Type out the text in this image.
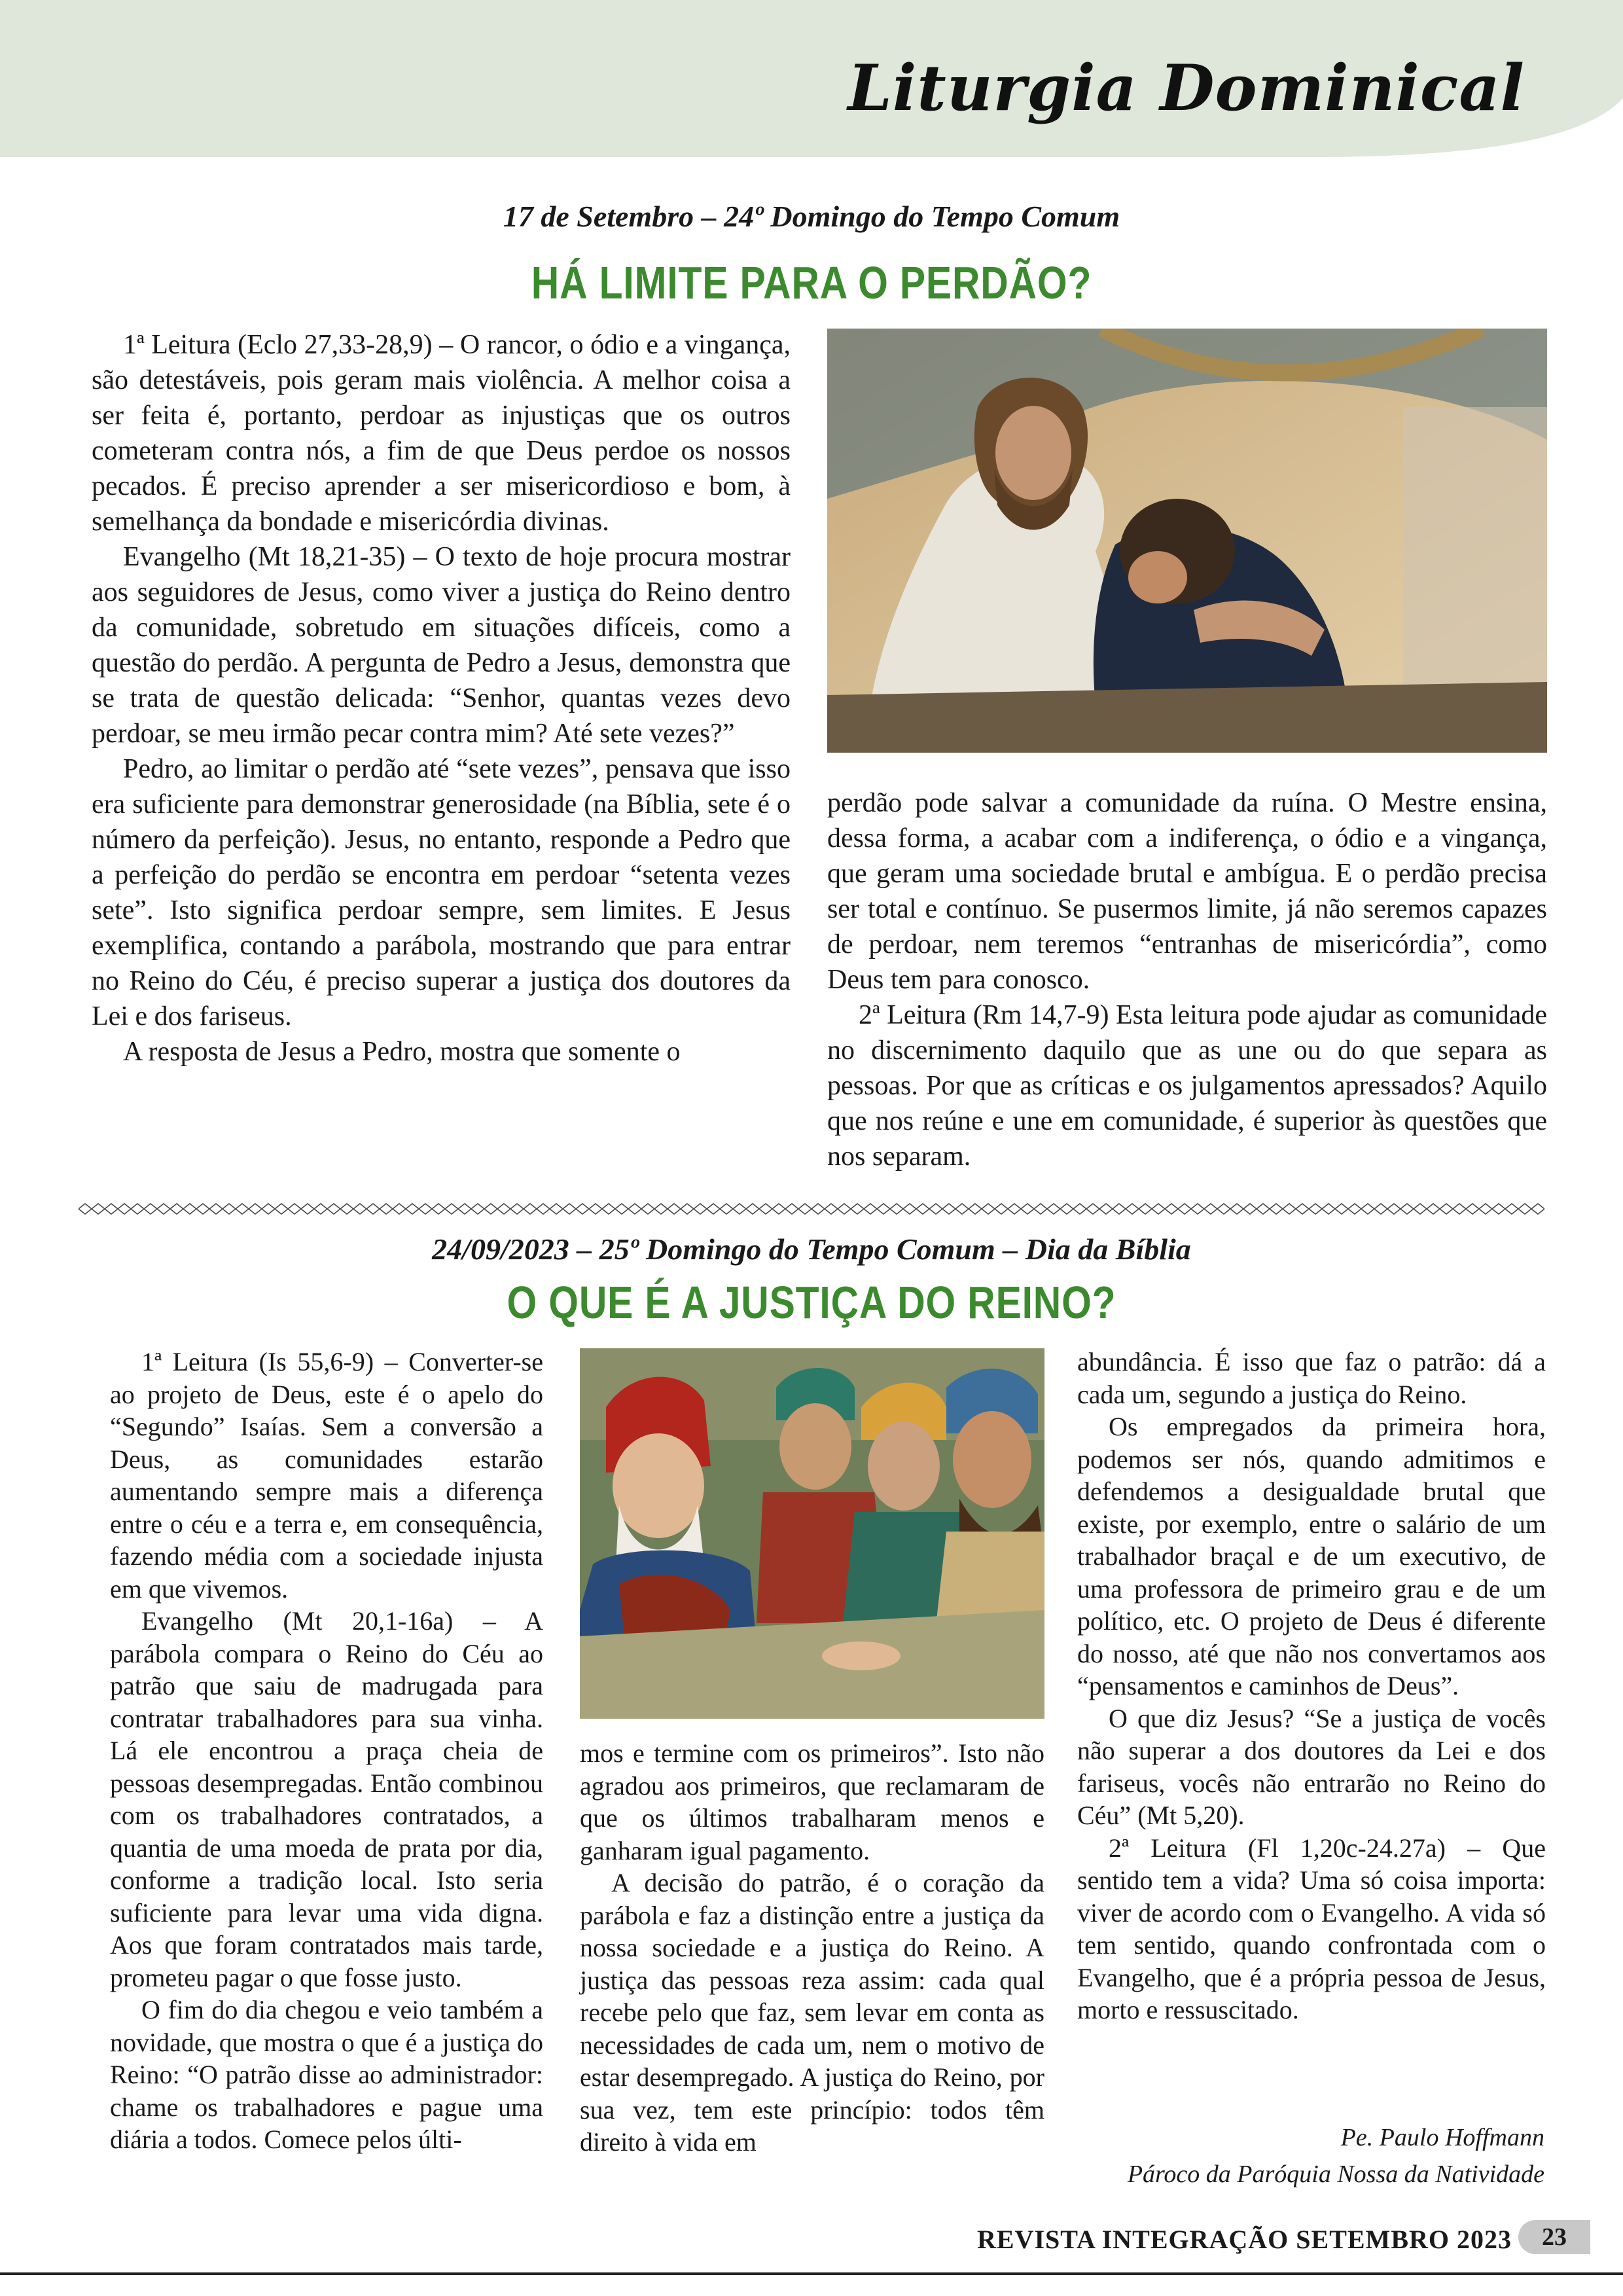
Liturgia Dominical
17 de Setembro – 24º Domingo do Tempo Comum
HÁ LIMITE PARA O PERDÃO?

1ª Leitura (Eclo 27,33-28,9) – O rancor, o ódio e a vingança, são detestáveis, pois geram mais violência. A melhor coisa a ser feita é, portanto, perdoar as injustiças que os outros cometeram contra nós, a fim de que Deus perdoe os nossos pecados. É preciso aprender a ser misericordioso e bom, à semelhança da bondade e misericórdia divinas.

Evangelho (Mt 18,21-35) – O texto de hoje procura mostrar aos seguidores de Jesus, como viver a justiça do Reino dentro da comunidade, sobretudo em situações difíceis, como a questão do perdão. A pergunta de Pedro a Jesus, demonstra que se trata de questão delicada: “Senhor, quantas vezes devo perdoar, se meu irmão pecar contra mim? Até sete vezes?”

Pedro, ao limitar o perdão até “sete vezes”, pensava que isso era suficiente para demonstrar generosidade (na Bíblia, sete é o número da perfeição). Jesus, no entanto, responde a Pedro que a perfeição do perdão se encontra em perdoar “setenta vezes sete”. Isto significa perdoar sempre, sem limites. E Jesus exemplifica, contando a parábola, mostrando que para entrar no Reino do Céu, é preciso superar a justiça dos doutores da Lei e dos fariseus.

A resposta de Jesus a Pedro, mostra que somente o

perdão pode salvar a comunidade da ruína. O Mestre ensina, dessa forma, a acabar com a indiferença, o ódio e a vingança, que geram uma sociedade brutal e ambígua. E o perdão precisa ser total e contínuo. Se pusermos limite, já não seremos capazes de perdoar, nem teremos “entranhas de misericórdia”, como Deus tem para conosco.

2ª Leitura (Rm 14,7-9) Esta leitura pode ajudar as comunidade no discernimento daquilo que as une ou do que separa as pessoas. Por que as críticas e os julgamentos apressados? Aquilo que nos reúne e une em comunidade, é superior às questões que nos separam.

24/09/2023 – 25º Domingo do Tempo Comum – Dia da Bíblia
O QUE É A JUSTIÇA DO REINO?

1ª Leitura (Is 55,6-9) – Converter-se ao projeto de Deus, este é o apelo do “Segundo” Isaías. Sem a conversão a Deus, as comunidades estarão aumentando sempre mais a diferença entre o céu e a terra e, em consequência, fazendo média com a sociedade injusta em que vivemos.

Evangelho (Mt 20,1-16a) – A parábola compara o Reino do Céu ao patrão que saiu de madrugada para contratar trabalhadores para sua vinha. Lá ele encontrou a praça cheia de pessoas desempregadas. Então combinou com os trabalhadores contratados, a quantia de uma moeda de prata por dia, conforme a tradição local. Isto seria suficiente para levar uma vida digna. Aos que foram contratados mais tarde, prometeu pagar o que fosse justo.

O fim do dia chegou e veio também a novidade, que mostra o que é a justiça do Reino: “O patrão disse ao administrador: chame os trabalhadores e pague uma diária a todos. Comece pelos últi-

mos e termine com os primeiros”. Isto não agradou aos primeiros, que reclamaram de que os últimos trabalharam menos e ganharam igual pagamento.

A decisão do patrão, é o coração da parábola e faz a distinção entre a justiça da nossa sociedade e a justiça do Reino. A justiça das pessoas reza assim: cada qual recebe pelo que faz, sem levar em conta as necessidades de cada um, nem o motivo de estar desempregado. A justiça do Reino, por sua vez, tem este princípio: todos têm direito à vida em

abundância. É isso que faz o patrão: dá a cada um, segundo a justiça do Reino.

Os empregados da primeira hora, podemos ser nós, quando admitimos e defendemos a desigualdade brutal que existe, por exemplo, entre o salário de um trabalhador braçal e de um executivo, de uma professora de primeiro grau e de um político, etc. O projeto de Deus é diferente do nosso, até que não nos convertamos aos “pensamentos e caminhos de Deus”.

O que diz Jesus? “Se a justiça de vocês não superar a dos doutores da Lei e dos fariseus, vocês não entrarão no Reino do Céu” (Mt 5,20).

2ª Leitura (Fl 1,20c-24.27a) – Que sentido tem a vida? Uma só coisa importa: viver de acordo com o Evangelho. A vida só tem sentido, quando confrontada com o Evangelho, que é a própria pessoa de Jesus, morto e ressuscitado.

Pe. Paulo Hoffmann
Pároco da Paróquia Nossa da Natividade
REVISTA INTEGRAÇÃO SETEMBRO 2023	23
